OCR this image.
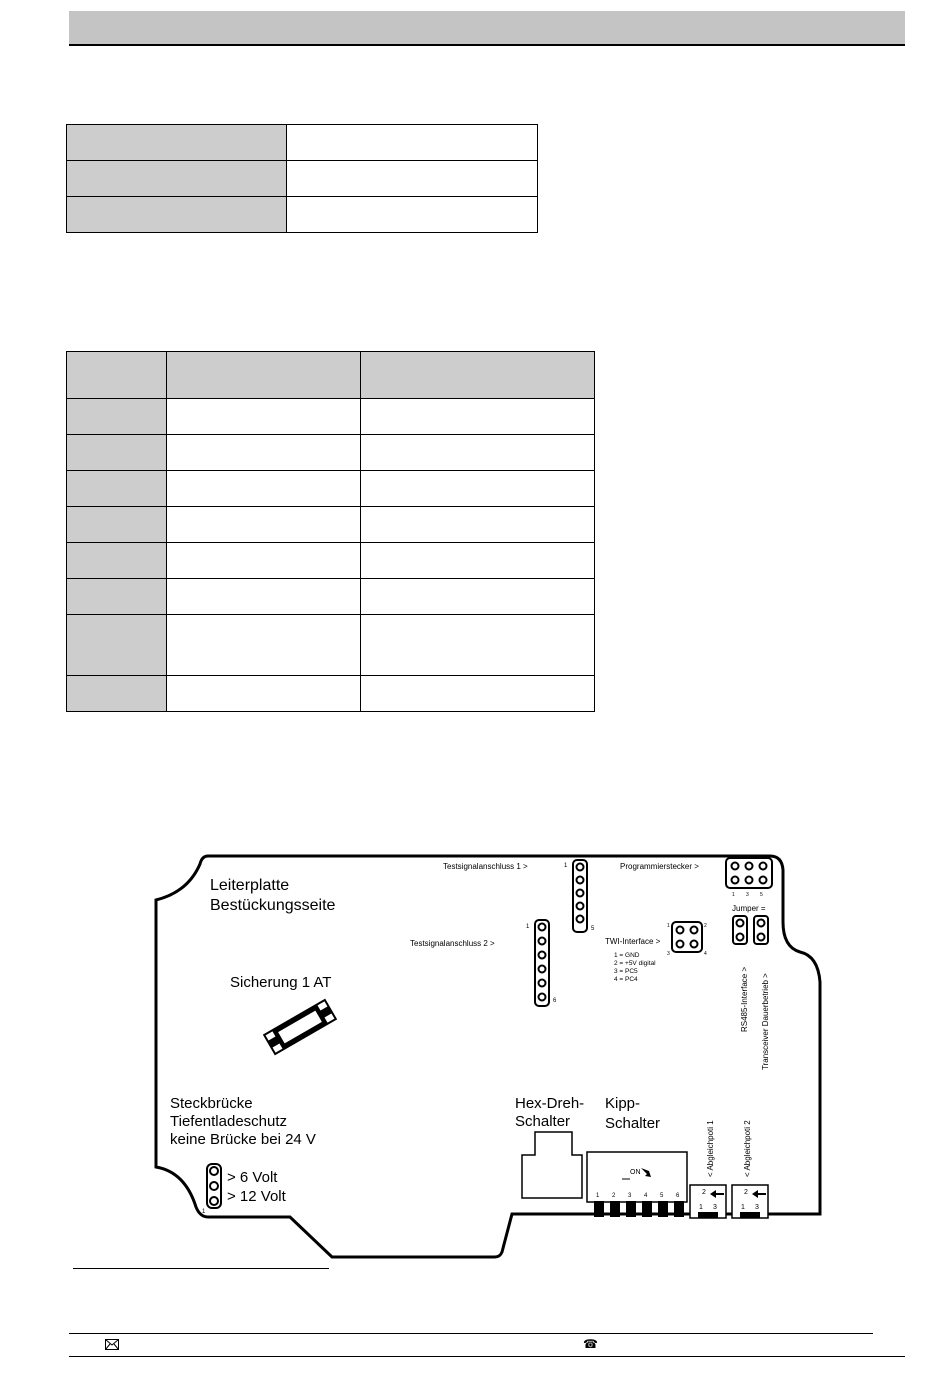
Leiterplatte
Bestückungsseite
Sicherung 1 AT
Steckbrücke
Tiefentladeschutz
keine Brücke bei 24 V
> 6 Volt
> 12 Volt
1
Testsignalanschluss 1 >	1
5
Testsignalanschluss 2 >
1
6
Programmierstecker >
TWI-Interface >
1	2
3	4
1 = GND
2 = +5V digital
3 = PC5
4 = PC4
1 3 5
Jumper =
RS485-Interface > Transceiver Dauerbetrieb >
Hex-Dreh-
Schalter
Kipp-
Schalter
ON
1 2 3 4 5 6
< Abgleichpoti 1	< Abgleichpoti 2
2
1 3
2
1 3
☎
